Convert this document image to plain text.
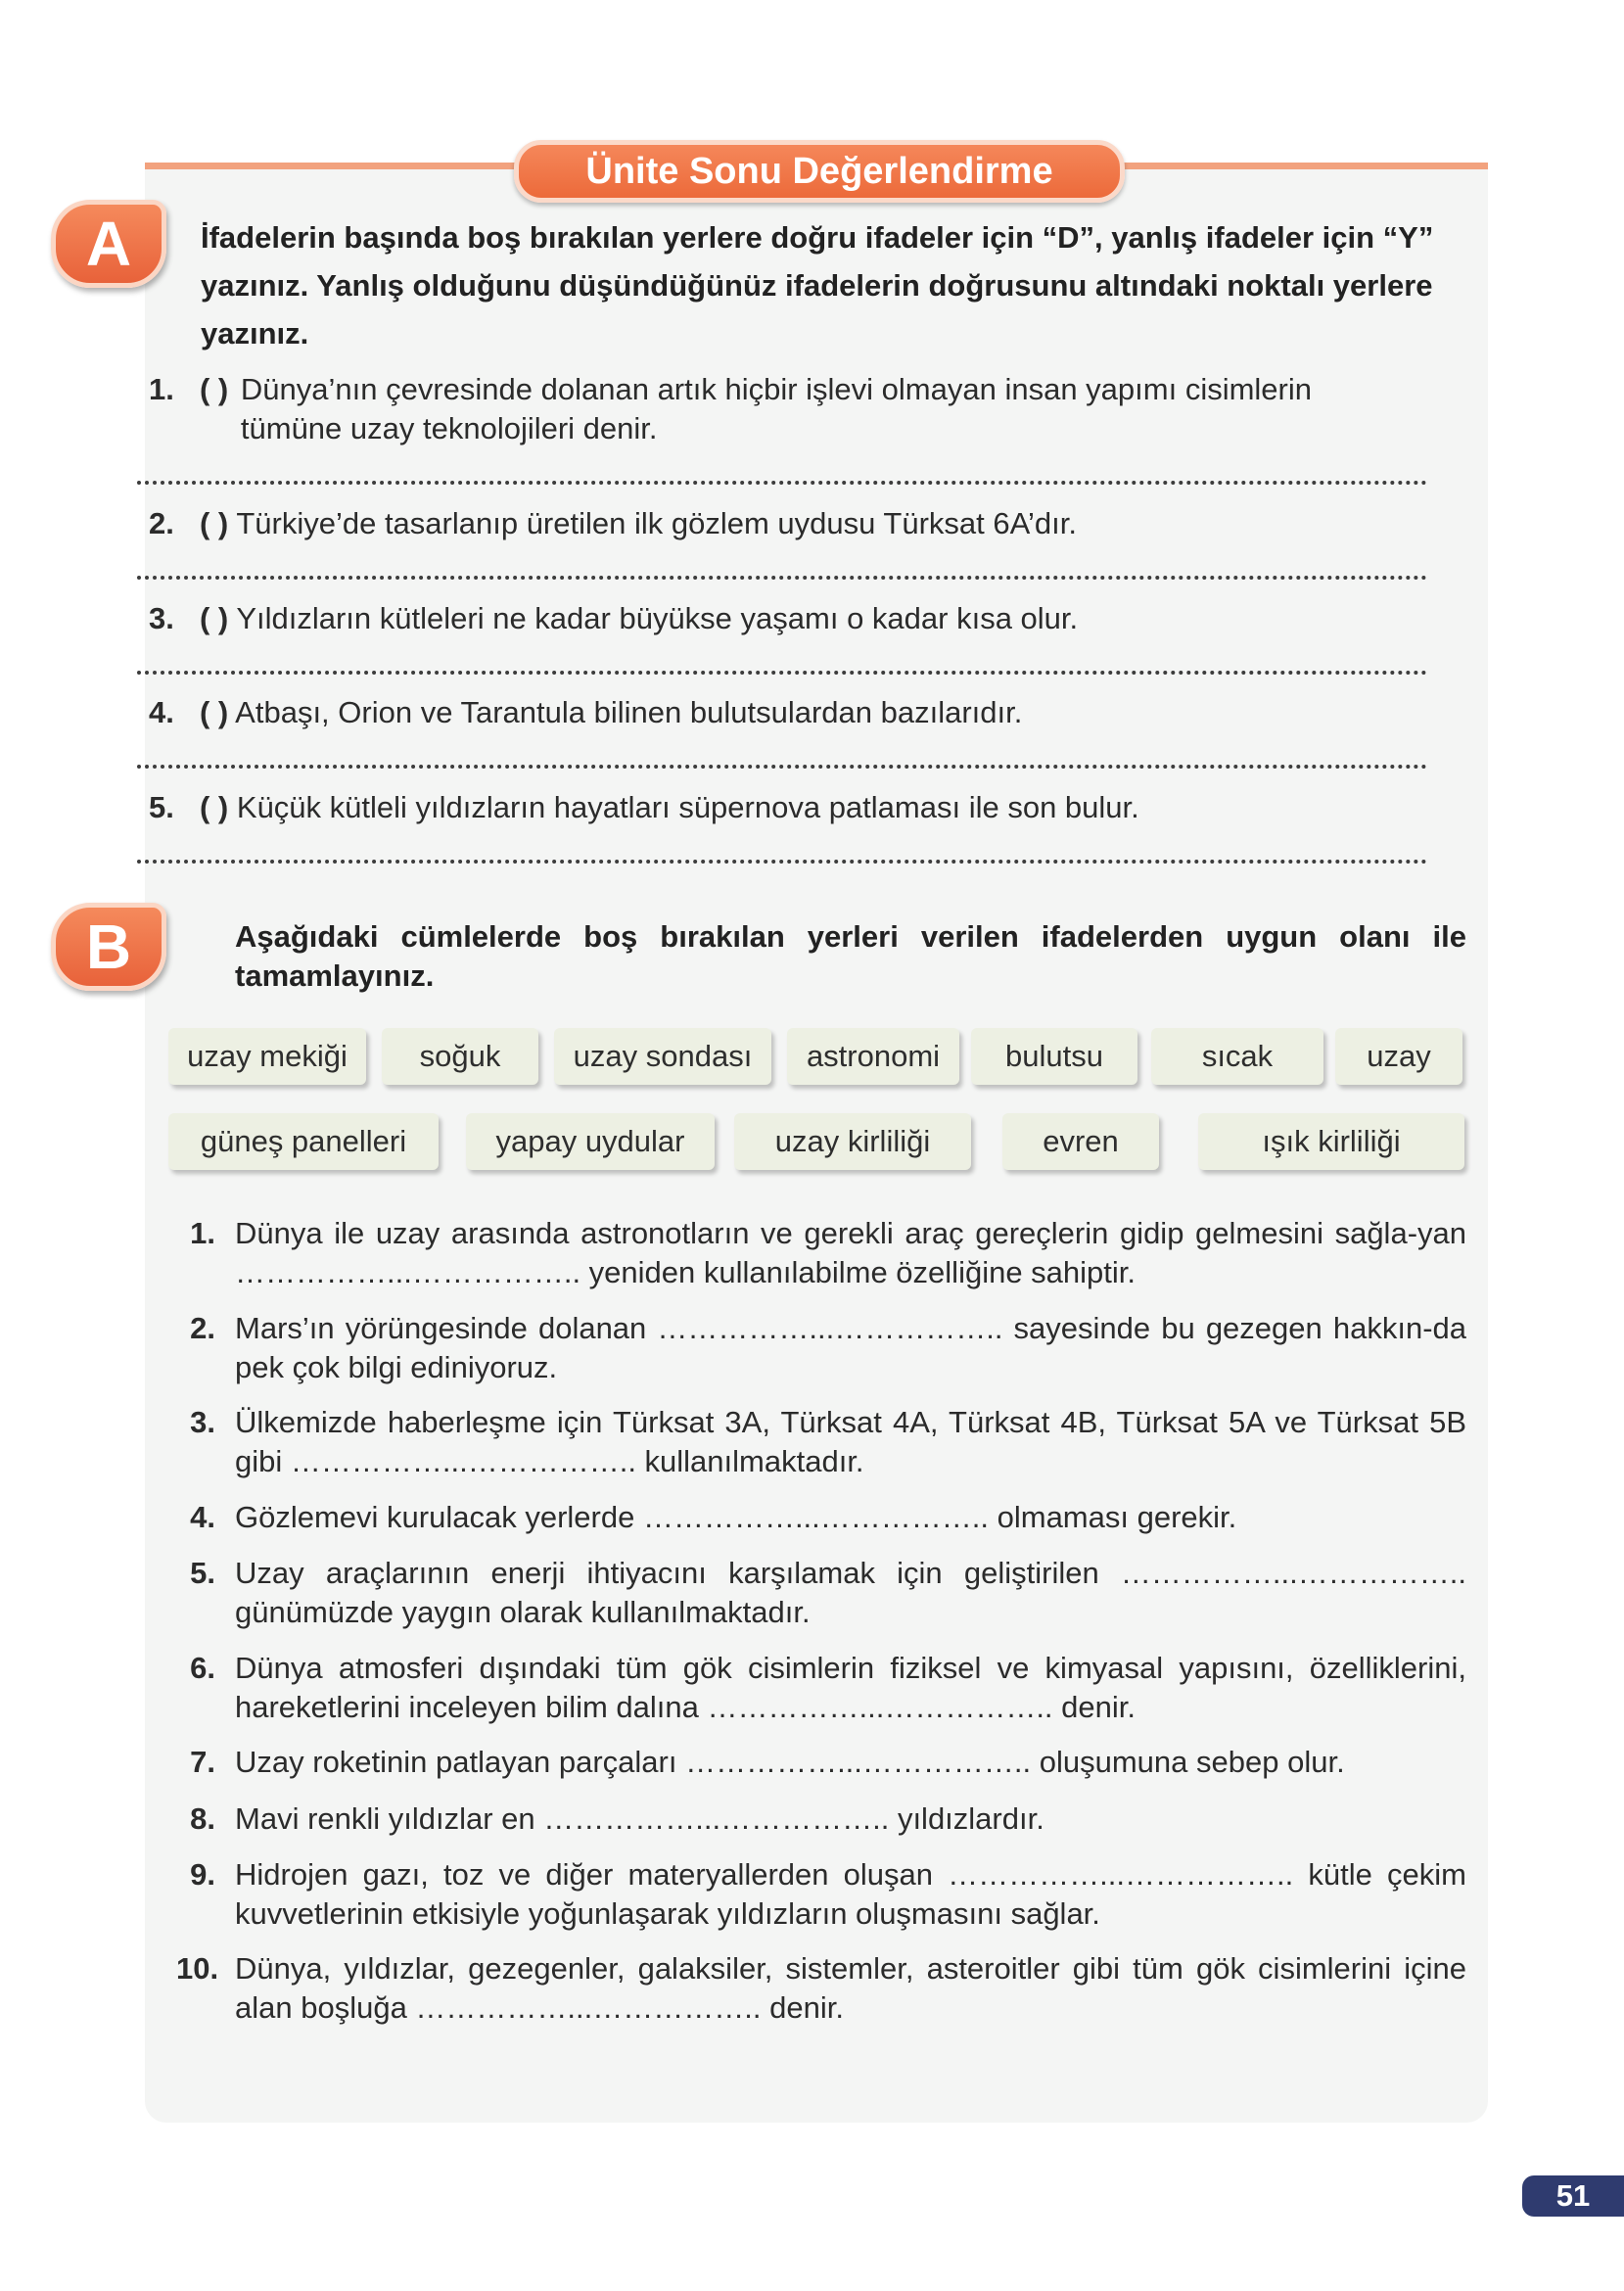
Ünite Sonu Değerlendirme
A	İfadelerin başında boş bırakılan yerlere doğru ifadeler için “D”, yanlış ifadeler için “Y” yazınız. Yanlış olduğunu düşündüğünüz ifadelerin doğrusunu altındaki noktalı yerlere yazınız.
1. ( ) Dünya’nın çevresinde dolanan artık hiçbir işlevi olmayan insan yapımı cisimlerin tümüne uzay teknolojileri denir.
2. ( ) Türkiye’de tasarlanıp üretilen ilk gözlem uydusu Türksat 6A’dır.
3. ( ) Yıldızların kütleleri ne kadar büyükse yaşamı o kadar kısa olur.
4. ( ) Atbaşı, Orion ve Tarantula bilinen bulutsulardan bazılarıdır.
5. ( ) Küçük kütleli yıldızların hayatları süpernova patlaması ile son bulur.
B	Aşağıdaki cümlelerde boş bırakılan yerleri verilen ifadelerden uygun olanı ile tamamlayınız.
uzay mekiği	soğuk	uzay sondası	astronomi	bulutsu	sıcak	uzay
güneş panelleri	yapay uydular	uzay kirliliği	evren	ışık kirliliği
1. Dünya ile uzay arasında astronotların ve gerekli araç gereçlerin gidip gelmesini sağla-yan ……………...…………….. yeniden kullanılabilme özelliğine sahiptir.
2. Mars’ın yörüngesinde dolanan ……………...…………….. sayesinde bu gezegen hakkın-da pek çok bilgi ediniyoruz.
3. Ülkemizde haberleşme için Türksat 3A, Türksat 4A, Türksat 4B, Türksat 5A ve Türksat 5B gibi ……………...…………….. kullanılmaktadır.
4. Gözlemevi kurulacak yerlerde ……………...…………….. olmaması gerekir.
5. Uzay araçlarının enerji ihtiyacını karşılamak için geliştirilen ……………...…………….. günümüzde yaygın olarak kullanılmaktadır.
6. Dünya atmosferi dışındaki tüm gök cisimlerin fiziksel ve kimyasal yapısını, özelliklerini, hareketlerini inceleyen bilim dalına ……………...…………….. denir.
7. Uzay roketinin patlayan parçaları ……………...…………….. oluşumuna sebep olur.
8. Mavi renkli yıldızlar en ……………...…………….. yıldızlardır.
9. Hidrojen gazı, toz ve diğer materyallerden oluşan ……………...…………….. kütle çekim kuvvetlerinin etkisiyle yoğunlaşarak yıldızların oluşmasını sağlar.
10. Dünya, yıldızlar, gezegenler, galaksiler, sistemler, asteroitler gibi tüm gök cisimlerini içine alan boşluğa ……………...…………….. denir.
51
